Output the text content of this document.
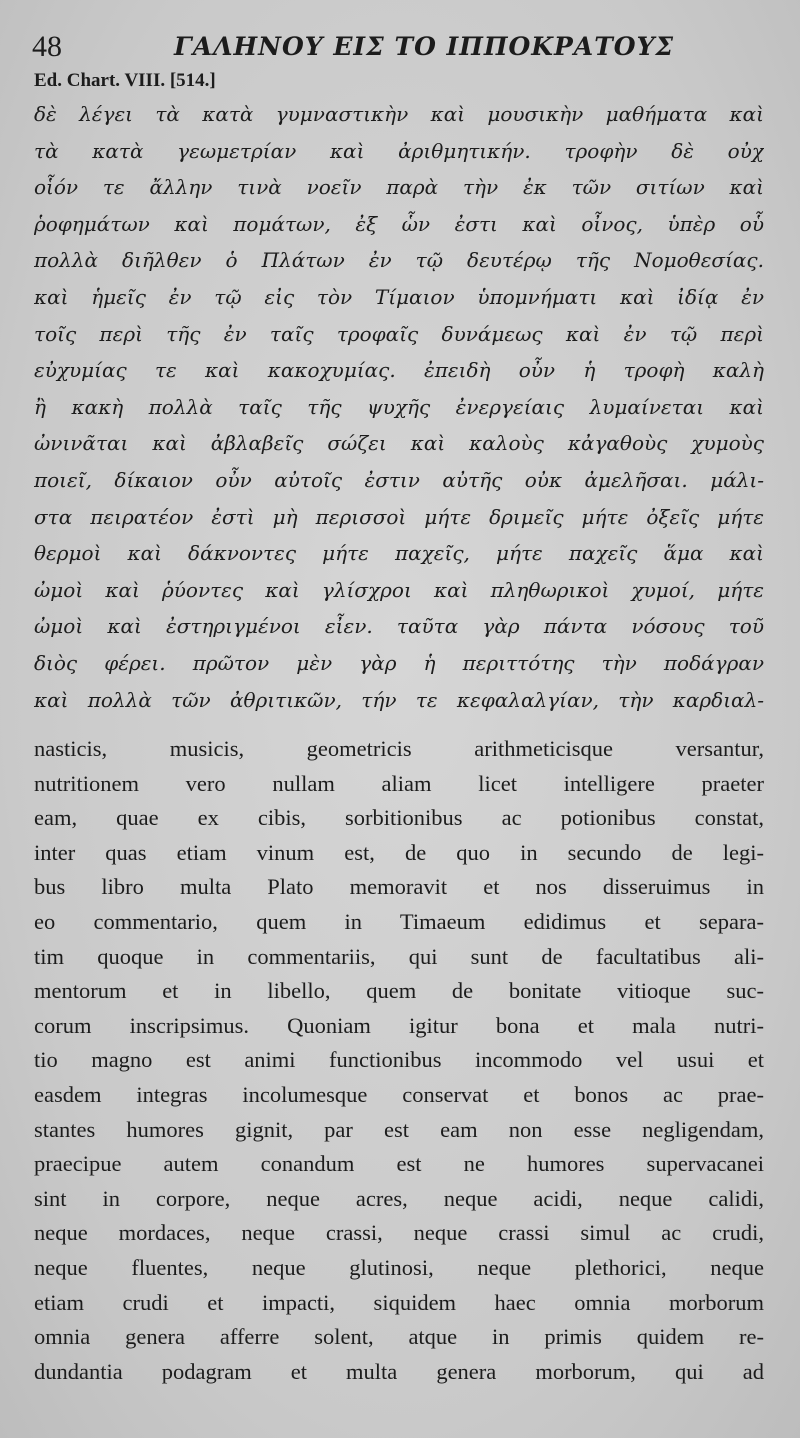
48	ΓΑΛΗΝΟΥ ΕΙΣ ΤΟ ΙΠΠΟΚΡΑΤΟΥΣ
Ed. Chart. VIII. [514.]
δὲ λέγει τὰ κατὰ γυμναστικὴν καὶ μουσικὴν μαθήματα καὶ
τὰ κατὰ γεωμετρίαν καὶ ἀριθμητικήν. τροφὴν δὲ οὐχ
οἷόν τε ἄλλην τινὰ νοεῖν παρὰ τὴν ἐκ τῶν σιτίων καὶ
ῥοφημάτων καὶ πομάτων, ἐξ ὧν ἐστι καὶ οἶνος, ὑπὲρ οὗ
πολλὰ διῆλθεν ὁ Πλάτων ἐν τῷ δευτέρῳ τῆς Νομοθεσίας.
καὶ ἡμεῖς ἐν τῷ εἰς τὸν Τίμαιον ὑπομνήματι καὶ ἰδίᾳ ἐν
τοῖς περὶ τῆς ἐν ταῖς τροφαῖς δυνάμεως καὶ ἐν τῷ περὶ
εὐχυμίας τε καὶ κακοχυμίας. ἐπειδὴ οὖν ἡ τροφὴ καλὴ
ἢ κακὴ πολλὰ ταῖς τῆς ψυχῆς ἐνεργείαις λυμαίνεται καὶ
ὠνινᾶται καὶ ἀβλαβεῖς σώζει καὶ καλοὺς κἀγαθοὺς χυμοὺς
ποιεῖ, δίκαιον οὖν αὐτοῖς ἐστιν αὐτῆς οὐκ ἀμελῆσαι. μάλι-
στα πειρατέον ἐστὶ μὴ περισσοὶ μήτε δριμεῖς μήτε ὀξεῖς μήτε
θερμοὶ καὶ δάκνοντες μήτε παχεῖς, μήτε παχεῖς ἅμα καὶ
ὠμοὶ καὶ ῥύοντες καὶ γλίσχροι καὶ πληθωρικοὶ χυμοί, μήτε
ὠμοὶ καὶ ἐστηριγμένοι εἶεν. ταῦτα γὰρ πάντα νόσους τοῦ
διὸς φέρει. πρῶτον μὲν γὰρ ἡ περιττότης τὴν ποδάγραν
καὶ πολλὰ τῶν ἀθριτικῶν, τήν τε κεφαλαλγίαν, τὴν καρδιαλ-
nasticis, musicis, geometricis arithmeticisque versantur,
nutritionem vero nullam aliam licet intelligere praeter
eam, quae ex cibis, sorbitionibus ac potionibus constat,
inter quas etiam vinum est, de quo in secundo de legi-
bus libro multa Plato memoravit et nos disseruimus in
eo commentario, quem in Timaeum edidimus et separa-
tim quoque in commentariis, qui sunt de facultatibus ali-
mentorum et in libello, quem de bonitate vitioque suc-
corum inscripsimus. Quoniam igitur bona et mala nutri-
tio magno est animi functionibus incommodo vel usui et
easdem integras incolumesque conservat et bonos ac prae-
stantes humores gignit, par est eam non esse negligendam,
praecipue autem conandum est ne humores supervacanei
sint in corpore, neque acres, neque acidi, neque calidi,
neque mordaces, neque crassi, neque crassi simul ac crudi,
neque fluentes, neque glutinosi, neque plethorici, neque
etiam crudi et impacti, siquidem haec omnia morborum
omnia genera afferre solent, atque in primis quidem re-
dundantia podagram et multa genera morborum, qui ad
